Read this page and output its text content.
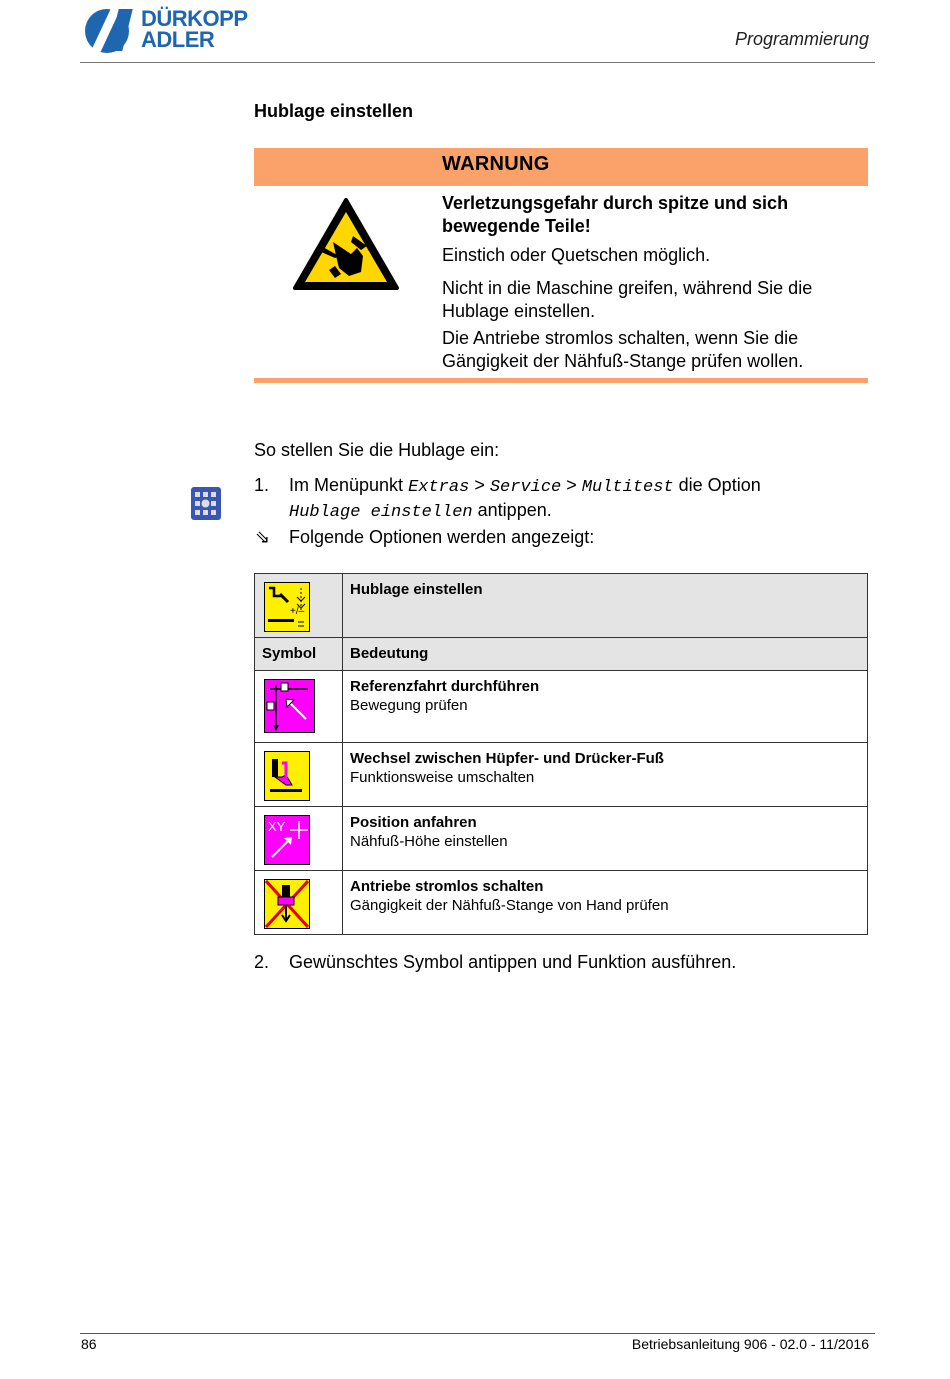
DÜRKOPP
ADLER	Programmierung
Hublage einstellen
WARNUNG
Verletzungsgefahr durch spitze und sich bewegende Teile!
Einstich oder Quetschen möglich.
Nicht in die Maschine greifen, während Sie die Hublage einstellen.
Die Antriebe stromlos schalten, wenn Sie die Gängigkeit der Nähfuß-Stange prüfen wollen.
So stellen Sie die Hublage ein:
1. Im Menüpunkt Extras > Service > Multitest die Option
Hublage einstellen antippen.
⇘ Folgende Optionen werden angezeigt:
+/–	Hublage einstellen

Symbol	Bedeutung

Referenzfahrt durchführen
Bewegung prüfen

Wechsel zwischen Hüpfer- und Drücker-Fuß
Funktionsweise umschalten

XY	Position anfahren
Nähfuß-Höhe einstellen

Antriebe stromlos schalten
Gängigkeit der Nähfuß-Stange von Hand prüfen
2. Gewünschtes Symbol antippen und Funktion ausführen.
86	Betriebsanleitung 906 - 02.0 - 11/2016
